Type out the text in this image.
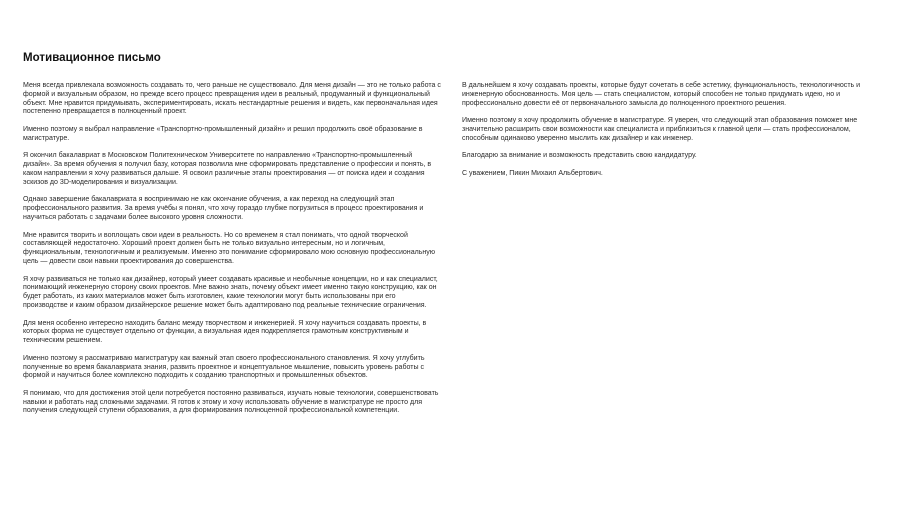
Мотивационное письмо

Меня всегда привлекала возможность создавать то, чего раньше не существовало. Для меня дизайн — это не только работа с формой и визуальным образом, но прежде всего процесс превращения идеи в реальный, продуманный и функциональный объект. Мне нравится придумывать, экспериментировать, искать нестандартные решения и видеть, как первоначальная идея постепенно превращается в полноценный проект.

Именно поэтому я выбрал направление «Транспортно-промышленный дизайн» и решил продолжить своё образование в магистратуре.

Я окончил бакалавриат в Московском Политехническом Университете по направлению «Транспортно-промышленный дизайн». За время обучения я получил базу, которая позволила мне сформировать представление о профессии и понять, в каком направлении я хочу развиваться дальше. Я освоил различные этапы проектирования — от поиска идеи и создания эскизов до 3D-моделирования и визуализации.

Однако завершение бакалавриата я воспринимаю не как окончание обучения, а как переход на следующий этап профессионального развития. За время учёбы я понял, что хочу гораздо глубже погрузиться в процесс проектирования и научиться работать с задачами более высокого уровня сложности.

Мне нравится творить и воплощать свои идеи в реальность. Но со временем я стал понимать, что одной творческой составляющей недостаточно. Хороший проект должен быть не только визуально интересным, но и логичным, функциональным, технологичным и реализуемым. Именно это понимание сформировало мою основную профессиональную цель — довести свои навыки проектирования до совершенства.

Я хочу развиваться не только как дизайнер, который умеет создавать красивые и необычные концепции, но и как специалист, понимающий инженерную сторону своих проектов. Мне важно знать, почему объект имеет именно такую конструкцию, как он будет работать, из каких материалов может быть изготовлен, какие технологии могут быть использованы при его производстве и каким образом дизайнерское решение может быть адаптировано под реальные технические ограничения.

Для меня особенно интересно находить баланс между творчеством и инженерией. Я хочу научиться создавать проекты, в которых форма не существует отдельно от функции, а визуальная идея подкрепляется грамотным конструктивным и техническим решением.

Именно поэтому я рассматриваю магистратуру как важный этап своего профессионального становления. Я хочу углубить полученные во время бакалавриата знания, развить проектное и концептуальное мышление, повысить уровень работы с формой и научиться более комплексно подходить к созданию транспортных и промышленных объектов.

Я понимаю, что для достижения этой цели потребуется постоянно развиваться, изучать новые технологии, совершенствовать навыки и работать над сложными задачами. Я готов к этому и хочу использовать обучение в магистратуре не просто для получения следующей ступени образования, а для формирования полноценной профессиональной компетенции.

В дальнейшем я хочу создавать проекты, которые будут сочетать в себе эстетику, функциональность, технологичность и инженерную обоснованность. Моя цель — стать специалистом, который способен не только придумать идею, но и профессионально довести её от первоначального замысла до полноценного проектного решения.

Именно поэтому я хочу продолжить обучение в магистратуре. Я уверен, что следующий этап образования поможет мне значительно расширить свои возможности как специалиста и приблизиться к главной цели — стать профессионалом, способным одинаково уверенно мыслить как дизайнер и как инженер.

Благодарю за внимание и возможность представить свою кандидатуру.

С уважением, Пикин Михаил Альбертович.
